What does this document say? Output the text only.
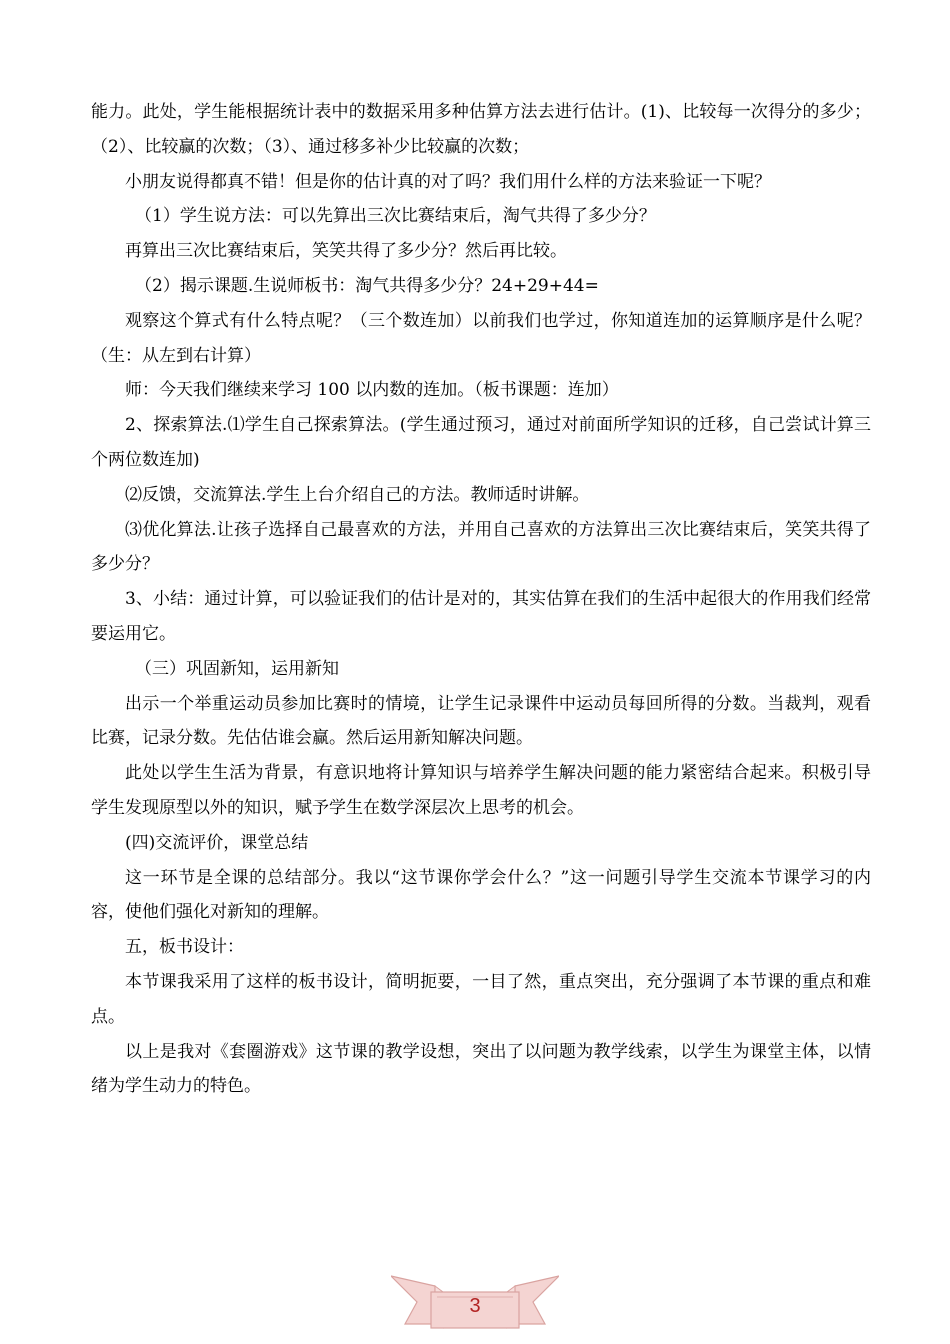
能力。此处，学生能根据统计表中的数据采用多种估算方法去进行估计。(1)、比较每一次得分的多少；（2）、比较赢的次数；（3）、通过移多补少比较赢的次数；

小朋友说得都真不错！但是你的估计真的对了吗？我们用什么样的方法来验证一下呢？

（1）学生说方法：可以先算出三次比赛结束后，淘气共得了多少分？

再算出三次比赛结束后，笑笑共得了多少分？然后再比较。

（2）揭示课题.生说师板书：淘气共得多少分？24+29+44=

观察这个算式有什么特点呢？（三个数连加）以前我们也学过，你知道连加的运算顺序是什么呢？（生：从左到右计算）

师：今天我们继续来学习 100 以内数的连加。（板书课题：连加）

2、探索算法.⑴学生自己探索算法。(学生通过预习，通过对前面所学知识的迁移，自己尝试计算三个两位数连加)

⑵反馈，交流算法.学生上台介绍自己的方法。教师适时讲解。

⑶优化算法.让孩子选择自己最喜欢的方法，并用自己喜欢的方法算出三次比赛结束后，笑笑共得了多少分？

3、小结：通过计算，可以验证我们的估计是对的，其实估算在我们的生活中起很大的作用我们经常要运用它。

（三）巩固新知，运用新知

出示一个举重运动员参加比赛时的情境，让学生记录课件中运动员每回所得的分数。当裁判，观看比赛，记录分数。先估估谁会赢。然后运用新知解决问题。

此处以学生生活为背景，有意识地将计算知识与培养学生解决问题的能力紧密结合起来。积极引导学生发现原型以外的知识，赋予学生在数学深层次上思考的机会。

(四)交流评价，课堂总结

这一环节是全课的总结部分。我以“这节课你学会什么？”这一问题引导学生交流本节课学习的内容，使他们强化对新知的理解。

五，板书设计：

本节课我采用了这样的板书设计，简明扼要，一目了然，重点突出，充分强调了本节课的重点和难点。

以上是我对《套圈游戏》这节课的教学设想，突出了以问题为教学线索，以学生为课堂主体，以情绪为学生动力的特色。

3
